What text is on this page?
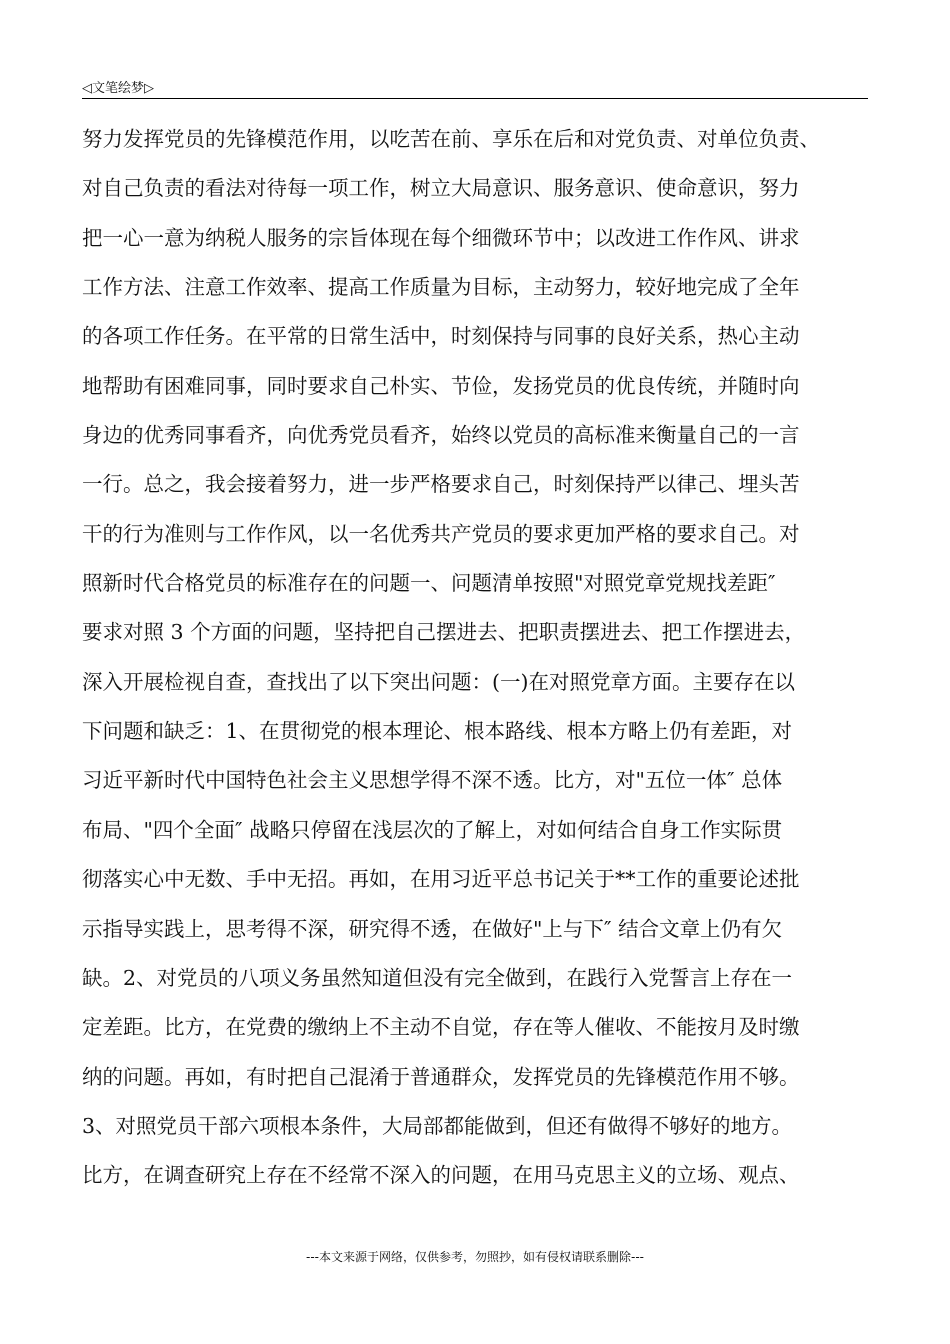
◁文笔绘梦▷
努力发挥党员的先锋模范作用，以吃苦在前、享乐在后和对党负责、对单位负责、
对自己负责的看法对待每一项工作，树立大局意识、服务意识、使命意识，努力
把一心一意为纳税人服务的宗旨体现在每个细微环节中；以改进工作作风、讲求
工作方法、注意工作效率、提高工作质量为目标，主动努力，较好地完成了全年
的各项工作任务。在平常的日常生活中，时刻保持与同事的良好关系，热心主动
地帮助有困难同事，同时要求自己朴实、节俭，发扬党员的优良传统，并随时向
身边的优秀同事看齐，向优秀党员看齐，始终以党员的高标准来衡量自己的一言
一行。总之，我会接着努力，进一步严格要求自己，时刻保持严以律己、埋头苦
干的行为准则与工作作风，以一名优秀共产党员的要求更加严格的要求自己。对
照新时代合格党员的标准存在的问题一、问题清单按照"对照党章党规找差距″
要求对照 3 个方面的问题，坚持把自己摆进去、把职责摆进去、把工作摆进去，
深入开展检视自查，查找出了以下突出问题：(一)在对照党章方面。主要存在以
下问题和缺乏：1、在贯彻党的根本理论、根本路线、根本方略上仍有差距，对
习近平新时代中国特色社会主义思想学得不深不透。比方，对"五位一体″ 总体
布局、"四个全面″ 战略只停留在浅层次的了解上，对如何结合自身工作实际贯
彻落实心中无数、手中无招。再如，在用习近平总书记关于**工作的重要论述批
示指导实践上，思考得不深，研究得不透，在做好"上与下″ 结合文章上仍有欠
缺。2、对党员的八项义务虽然知道但没有完全做到，在践行入党誓言上存在一
定差距。比方，在党费的缴纳上不主动不自觉，存在等人催收、不能按月及时缴
纳的问题。再如，有时把自己混淆于普通群众，发挥党员的先锋模范作用不够。
3、对照党员干部六项根本条件，大局部都能做到，但还有做得不够好的地方。
比方，在调查研究上存在不经常不深入的问题，在用马克思主义的立场、观点、
---本文来源于网络，仅供参考，勿照抄，如有侵权请联系删除---
